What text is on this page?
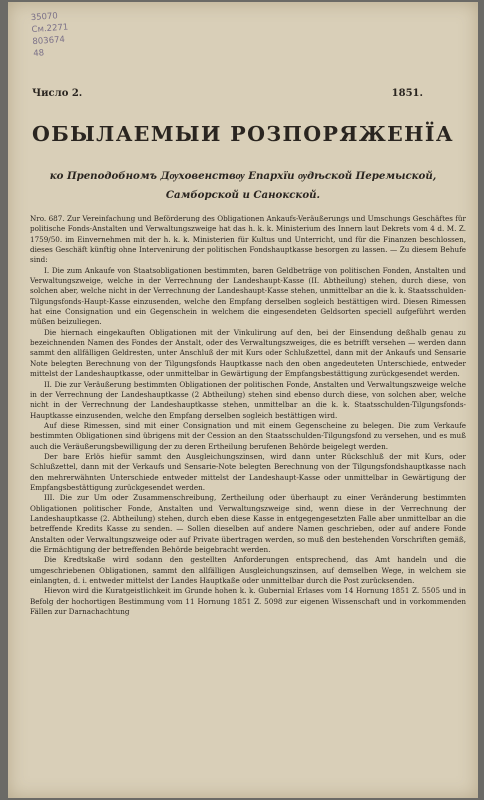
35070
См.2271
803674
48
Число 2.	1851.
ОБЫЛАЕМЫИ РОЗПОРЯЖЕНЇА
ко Преподобномъ Дѹховенствѹ Епархїи ѹдѣской Перемыской,
Самборской и Санокской.

Nro. 687. Zur Vereinfachung und Beförderung des Obligationen Ankaufs-Veräußerungs und Umschungs Geschäftes für politische Fonds-Anstalten und Verwaltungszweige hat das h. k. k. Ministerium des Innern laut Dekrets vom 4 d. M. Z. 1759/50. im Einvernehmen mit der h. k. k. Ministerien für Kultus und Unterricht, und für die Finanzen beschlossen, dieses Geschäft künftig ohne Intervenirung der politischen Fondshauptkasse besorgen zu lassen. — Zu diesem Behufe sind:

I. Die zum Ankaufe von Staatsobligationen bestimmten, baren Geldbeträge von politischen Fonden, Anstalten und Verwaltungszweige, welche in der Verrechnung der Landeshaupt-Kasse (II. Abtheilung) stehen, durch diese, von solchen aber, welche nicht in der Verrechnung der Landeshaupt-Kasse stehen, unmittelbar an die k. k. Staatsschulden-Tilgungsfonds-Haupt-Kasse einzusenden, welche den Empfang derselben sogleich bestättigen wird. Diesen Rimessen hat eine Consignation und ein Gegenschein in welchem die eingesendeten Geldsorten speciell aufgeführt werden müßen beizuliegen.

Die hiernach eingekauften Obligationen mit der Vinkulirung auf den, bei der Einsendung deßhalb genau zu bezeichnenden Namen des Fondes der Anstalt, oder des Verwaltungszweiges, die es betrifft versehen — werden dann sammt den allfälligen Geldresten, unter Anschluß der mit Kurs oder Schlußzettel, dann mit der Ankaufs und Sensarie Note belegten Berechnung von der Tilgungsfonds Hauptkasse nach den oben angedeuteten Unterschiede, entweder mittelst der Landeshauptkasse, oder unmittelbar in Gewärtigung der Empfangsbestättigung zurückgesendet werden.

II. Die zur Veräußerung bestimmten Obligationen der politischen Fonde, Anstalten und Verwaltungszweige welche in der Verrechnung der Landeshauptkasse (2 Abtheilung) stehen sind ebenso durch diese, von solchen aber, welche nicht in der Verrechnung der Landeshauptkasse stehen, unmittelbar an die k. k. Staatsschulden-Tilgungsfonds-Hauptkasse einzusenden, welche den Empfang derselben sogleich bestättigen wird.

Auf diese Rimessen, sind mit einer Consignation und mit einem Gegenscheine zu belegen. Die zum Verkaufe bestimmten Obligationen sind übrigens mit der Cession an den Staatsschulden-Tilgungsfond zu versehen, und es muß auch die Veräußerungsbewilligung der zu deren Ertheilung berufenen Behörde beigelegt werden.

Der bare Erlös hiefür sammt den Ausgleichungszinsen, wird dann unter Rückschluß der mit Kurs, oder Schlußzettel, dann mit der Verkaufs und Sensarie-Note belegten Berechnung von der Tilgungsfondshauptkasse nach den mehrerwähnten Unterschiede entweder mittelst der Landeshaupt-Kasse oder unmittelbar in Gewärtigung der Empfangsbestättigung zurückgesendet werden.

III. Die zur Um oder Zusammenschreibung, Zertheilung oder überhaupt zu einer Veränderung bestimmten Obligationen politischer Fonde, Anstalten und Verwaltungszweige sind, wenn diese in der Verrechnung der Landeshauptkasse (2. Abtheilung) stehen, durch eben diese Kasse in entgegengesetzten Falle aber unmittelbar an die betreffende Kredits Kasse zu senden. — Sollen dieselben auf andere Namen geschrieben, oder auf andere Fonde Anstalten oder Verwaltungszweige oder auf Private übertragen werden, so muß den bestehenden Vorschriften gemäß, die Ermächtigung der betreffenden Behörde beigebracht werden.

Die Kredtskaße wird sodann den gestellten Anforderungen entsprechend, das Amt handeln und die umgeschriebenen Obligationen, sammt den allfälligen Ausgleichungszinsen, auf demselben Wege, in welchem sie einlangten, d. i. entweder mittelst der Landes Hauptkaße oder unmittelbar durch die Post zurücksenden.

Hievon wird die Kuratgeistlichkeit im Grunde hohen k. k. Gubernial Erlases vom 14 Hornung 1851 Z. 5505 und in Befolg der hochortigen Bestimmung vom 11 Hornung 1851 Z. 5098 zur eigenen Wissenschaft und in vorkommenden Fällen zur Darnachachtung
